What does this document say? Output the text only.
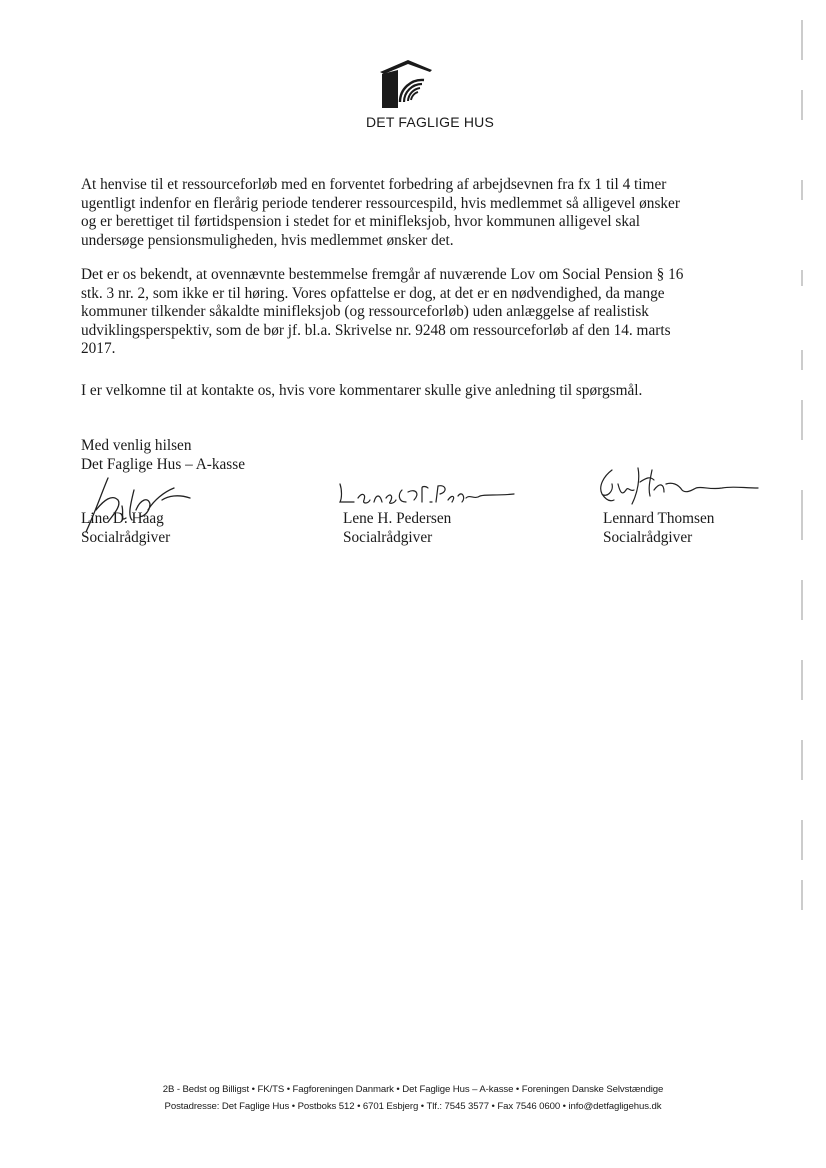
DET FAGLIGE HUS

At henvise til et ressourceforløb med en forventet forbedring af arbejdsevnen fra fx 1 til 4 timer
ugentligt indenfor en flerårig periode tenderer ressourcespild, hvis medlemmet så alligevel ønsker
og er berettiget til førtidspension i stedet for et minifleksjob, hvor kommunen alligevel skal
undersøge pensionsmuligheden, hvis medlemmet ønsker det.

Det er os bekendt, at ovennævnte bestemmelse fremgår af nuværende Lov om Social Pension § 16
stk. 3 nr. 2, som ikke er til høring. Vores opfattelse er dog, at det er en nødvendighed, da mange
kommuner tilkender såkaldte minifleksjob (og ressourceforløb) uden anlæggelse af realistisk
udviklingsperspektiv, som de bør jf. bl.a. Skrivelse nr. 9248 om ressourceforløb af den 14. marts
2017.

I er velkomne til at kontakte os, hvis vore kommentarer skulle give anledning til spørgsmål.

Med venlig hilsen
Det Faglige Hus – A-kasse
Line D. Haag
Socialrådgiver
Lene H. Pedersen
Socialrådgiver
Lennard Thomsen
Socialrådgiver
2B - Bedst og Billigst • FK/TS • Fagforeningen Danmark • Det Faglige Hus – A-kasse • Foreningen Danske Selvstændige
Postadresse: Det Faglige Hus • Postboks 512 • 6701 Esbjerg • Tlf.: 7545 3577 • Fax 7546 0600 • info@detfagligehus.dk
